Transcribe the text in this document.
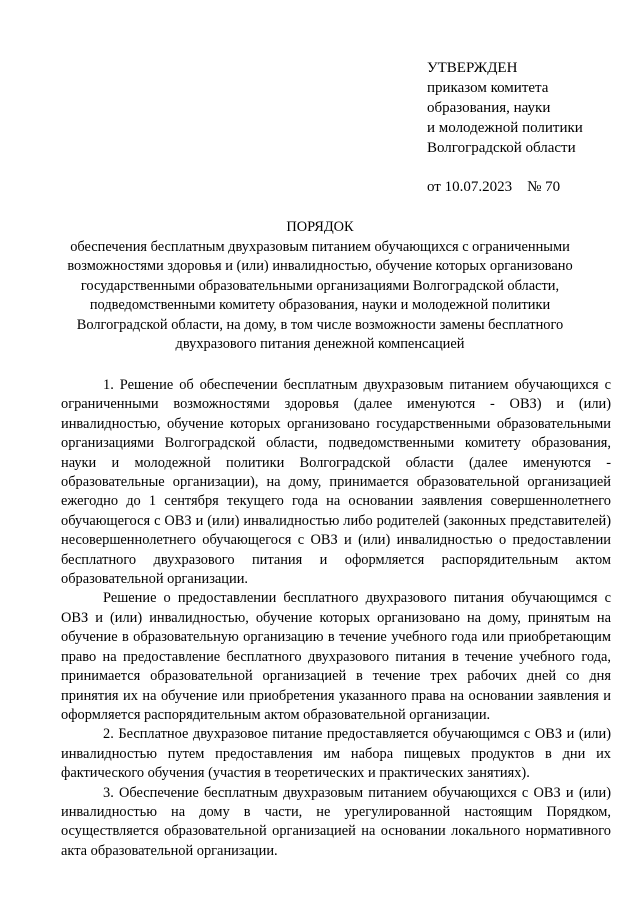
УТВЕРЖДЕН
приказом комитета
образования, науки
и молодежной политики
Волгоградской области
от 10.07.2023    № 70
ПОРЯДОК
обеспечения бесплатным двухразовым питанием обучающихся с ограниченными возможностями здоровья и (или) инвалидностью, обучение которых организовано государственными образовательными организациями Волгоградской области, подведомственными комитету образования, науки и молодежной политики Волгоградской области, на дому, в том числе возможности замены бесплатного двухразового питания денежной компенсацией

1. Решение об обеспечении бесплатным двухразовым питанием обучающихся с ограниченными возможностями здоровья (далее именуются - ОВЗ) и (или) инвалидностью, обучение которых организовано государственными образовательными организациями Волгоградской области, подведомственными комитету образования, науки и молодежной политики Волгоградской области (далее именуются - образовательные организации), на дому, принимается образовательной организацией ежегодно до 1 сентября текущего года на основании заявления совершеннолетнего обучающегося с ОВЗ и (или) инвалидностью либо родителей (законных представителей) несовершеннолетнего обучающегося с ОВЗ и (или) инвалидностью о предоставлении бесплатного двухразового питания и оформляется распорядительным актом образовательной организации.

Решение о предоставлении бесплатного двухразового питания обучающимся с ОВЗ и (или) инвалидностью, обучение которых организовано на дому, принятым на обучение в образовательную организацию в течение учебного года или приобретающим право на предоставление бесплатного двухразового питания в течение учебного года, принимается образовательной организацией в течение трех рабочих дней со дня принятия их на обучение или приобретения указанного права на основании заявления и оформляется распорядительным актом образовательной организации.

2. Бесплатное двухразовое питание предоставляется обучающимся с ОВЗ и (или) инвалидностью путем предоставления им набора пищевых продуктов в дни их фактического обучения (участия в теоретических и практических занятиях).

3. Обеспечение бесплатным двухразовым питанием обучающихся с ОВЗ и (или) инвалидностью на дому в части, не урегулированной настоящим Порядком, осуществляется образовательной организацией на основании локального нормативного акта образовательной организации.
